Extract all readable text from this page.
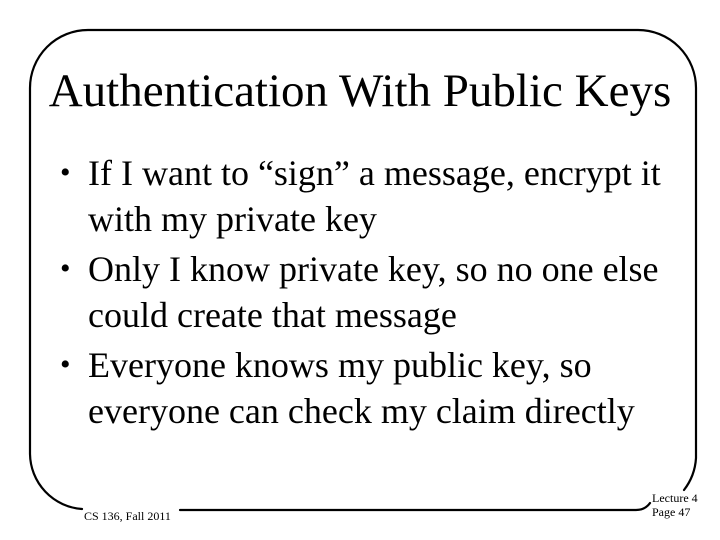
Authentication With Public Keys
• If I want to “sign” a message, encrypt it
with my private key
• Only I know private key, so no one else
could create that message
• Everyone knows my public key, so
everyone can check my claim directly
CS 136, Fall 2011
Lecture 4
Page 47
